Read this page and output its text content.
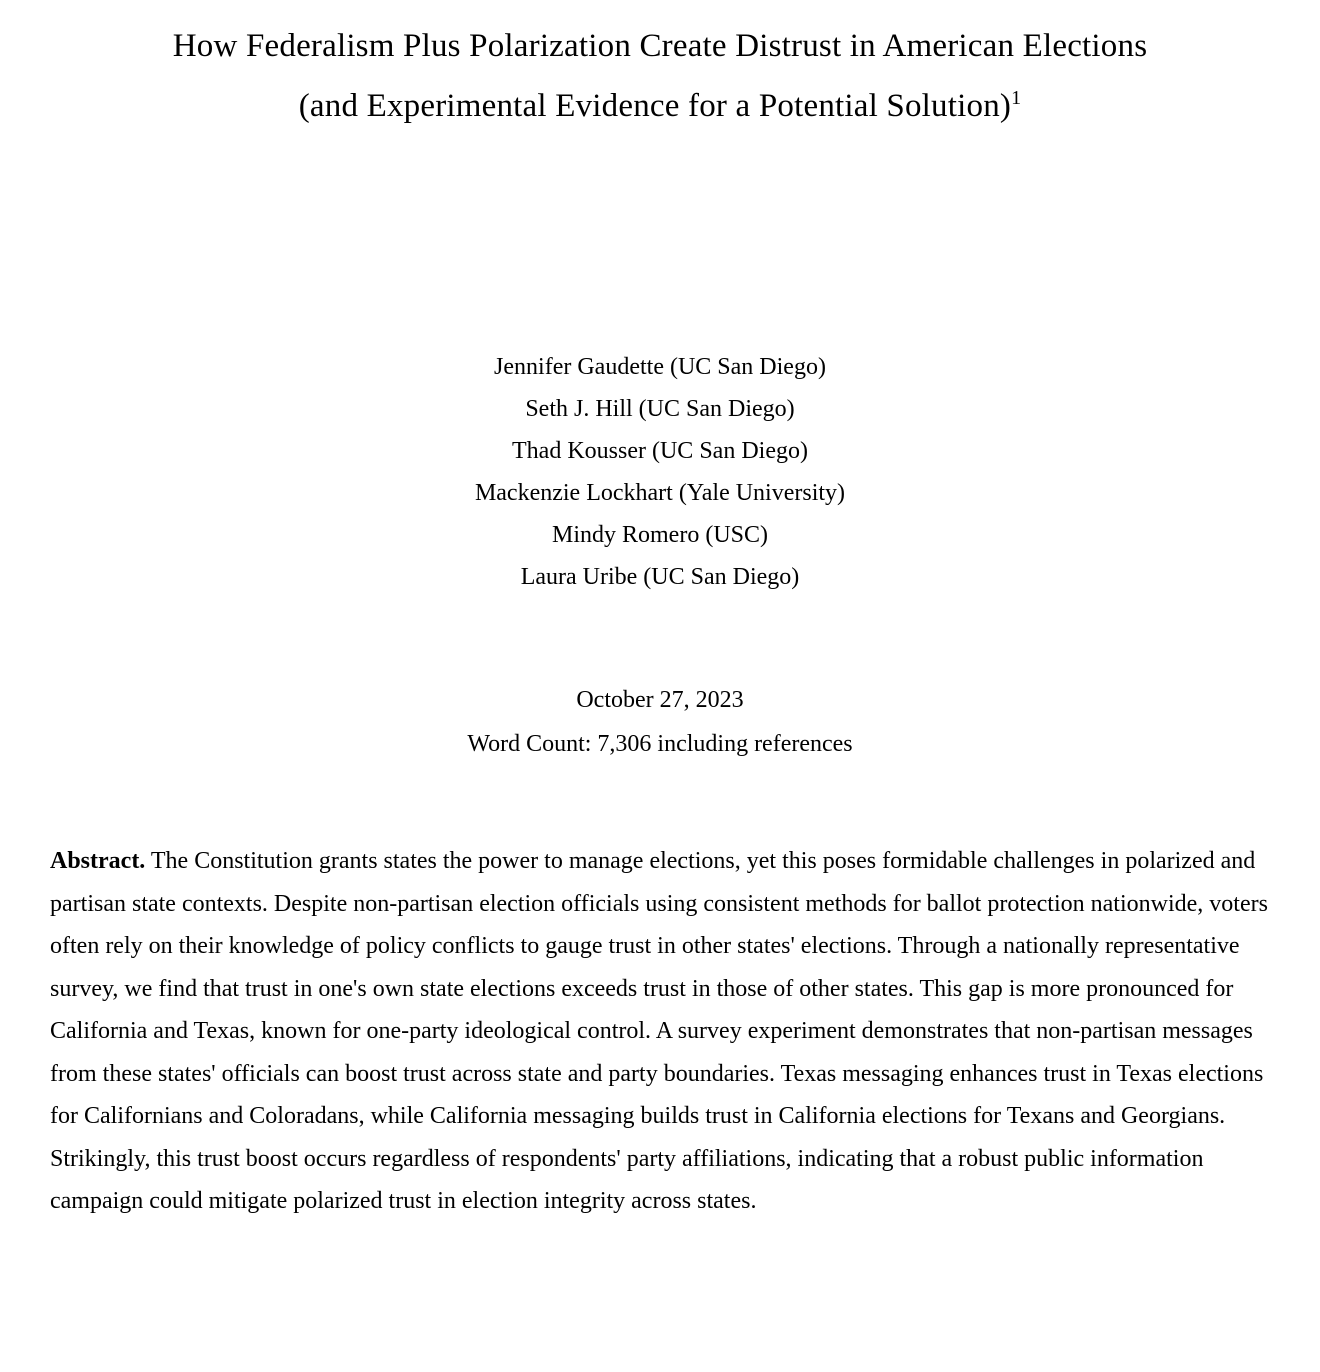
How Federalism Plus Polarization Create Distrust in American Elections
(and Experimental Evidence for a Potential Solution)$^1$
Jennifer Gaudette (UC San Diego)
Seth J. Hill (UC San Diego)
Thad Kousser (UC San Diego)
Mackenzie Lockhart (Yale University)
Mindy Romero (USC)
Laura Uribe (UC San Diego)
October 27, 2023
Word Count: 7,306 including references
Abstract. The Constitution grants states the power to manage elections, yet this poses formidable challenges in polarized and partisan state contexts. Despite non-partisan election officials using consistent methods for ballot protection nationwide, voters often rely on their knowledge of policy conflicts to gauge trust in other states' elections. Through a nationally representative survey, we find that trust in one's own state elections exceeds trust in those of other states. This gap is more pronounced for California and Texas, known for one-party ideological control. A survey experiment demonstrates that non-partisan messages from these states' officials can boost trust across state and party boundaries. Texas messaging enhances trust in Texas elections for Californians and Coloradans, while California messaging builds trust in California elections for Texans and Georgians. Strikingly, this trust boost occurs regardless of respondents' party affiliations, indicating that a robust public information campaign could mitigate polarized trust in election integrity across states.
